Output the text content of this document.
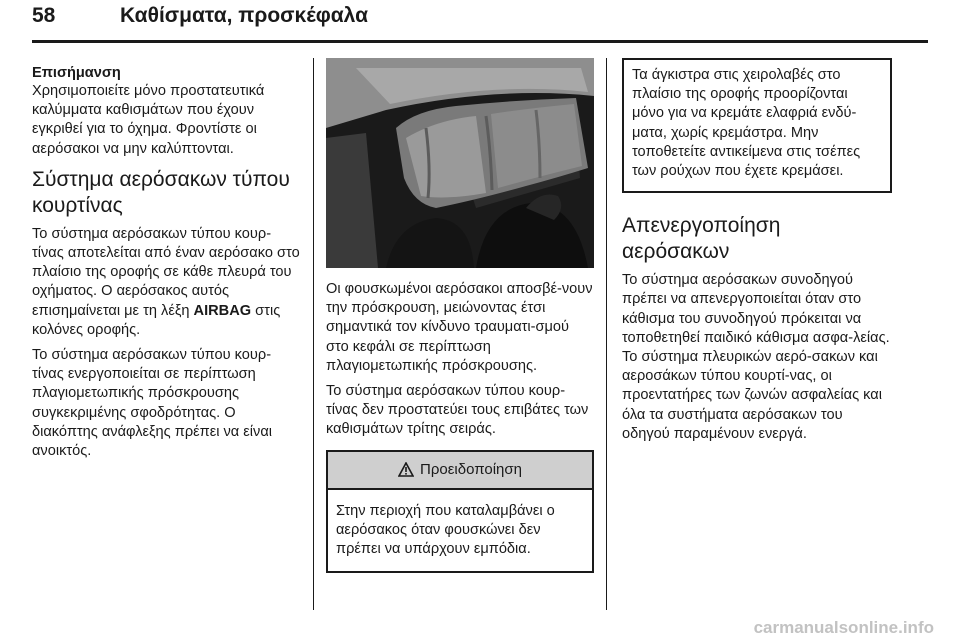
58	Καθίσματα, προσκέφαλα
Επισήμανση

Χρησιμοποιείτε μόνο προστατευτικά καλύμματα καθισμάτων που έχουν εγκριθεί για το όχημα. Φροντίστε οι αερόσακοι να μην καλύπτονται.

Σύστημα αερόσακων τύπου κουρτίνας

Το σύστημα αερόσακων τύπου κουρ-τίνας αποτελείται από έναν αερόσακο στο πλαίσιο της οροφής σε κάθε πλευρά του οχήματος. Ο αερόσακος αυτός επισημαίνεται με τη λέξη AIRBAG στις κολόνες οροφής.

Το σύστημα αερόσακων τύπου κουρ-τίνας ενεργοποιείται σε περίπτωση πλαγιομετωπικής πρόσκρουσης συγκεκριμένης σφοδρότητας. Ο διακόπτης ανάφλεξης πρέπει να είναι ανοικτός.

Οι φουσκωμένοι αερόσακοι αποσβέ-νουν την πρόσκρουση, μειώνοντας έτσι σημαντικά τον κίνδυνο τραυματι-σμού στο κεφάλι σε περίπτωση πλαγιομετωπικής πρόσκρουσης.

Το σύστημα αερόσακων τύπου κουρ-τίνας δεν προστατεύει τους επιβάτες των καθισμάτων τρίτης σειράς.

Προειδοποίηση

Στην περιοχή που καταλαμβάνει ο αερόσακος όταν φουσκώνει δεν πρέπει να υπάρχουν εμπόδια.

Τα άγκιστρα στις χειρολαβές στο πλαίσιο της οροφής προορίζονται μόνο για να κρεμάτε ελαφριά ενδύ-ματα, χωρίς κρεμάστρα. Μην τοποθετείτε αντικείμενα στις τσέπες των ρούχων που έχετε κρεμάσει.

Απενεργοποίηση αερόσακων

Το σύστημα αερόσακων συνοδηγού πρέπει να απενεργοποιείται όταν στο κάθισμα του συνοδηγού πρόκειται να τοποθετηθεί παιδικό κάθισμα ασφα-λείας. Το σύστημα πλευρικών αερό-σακων και αεροσάκων τύπου κουρτί-νας, οι προεντατήρες των ζωνών ασφαλείας και όλα τα συστήματα αερόσακων του οδηγού παραμένουν ενεργά.

carmanualsonline.info
